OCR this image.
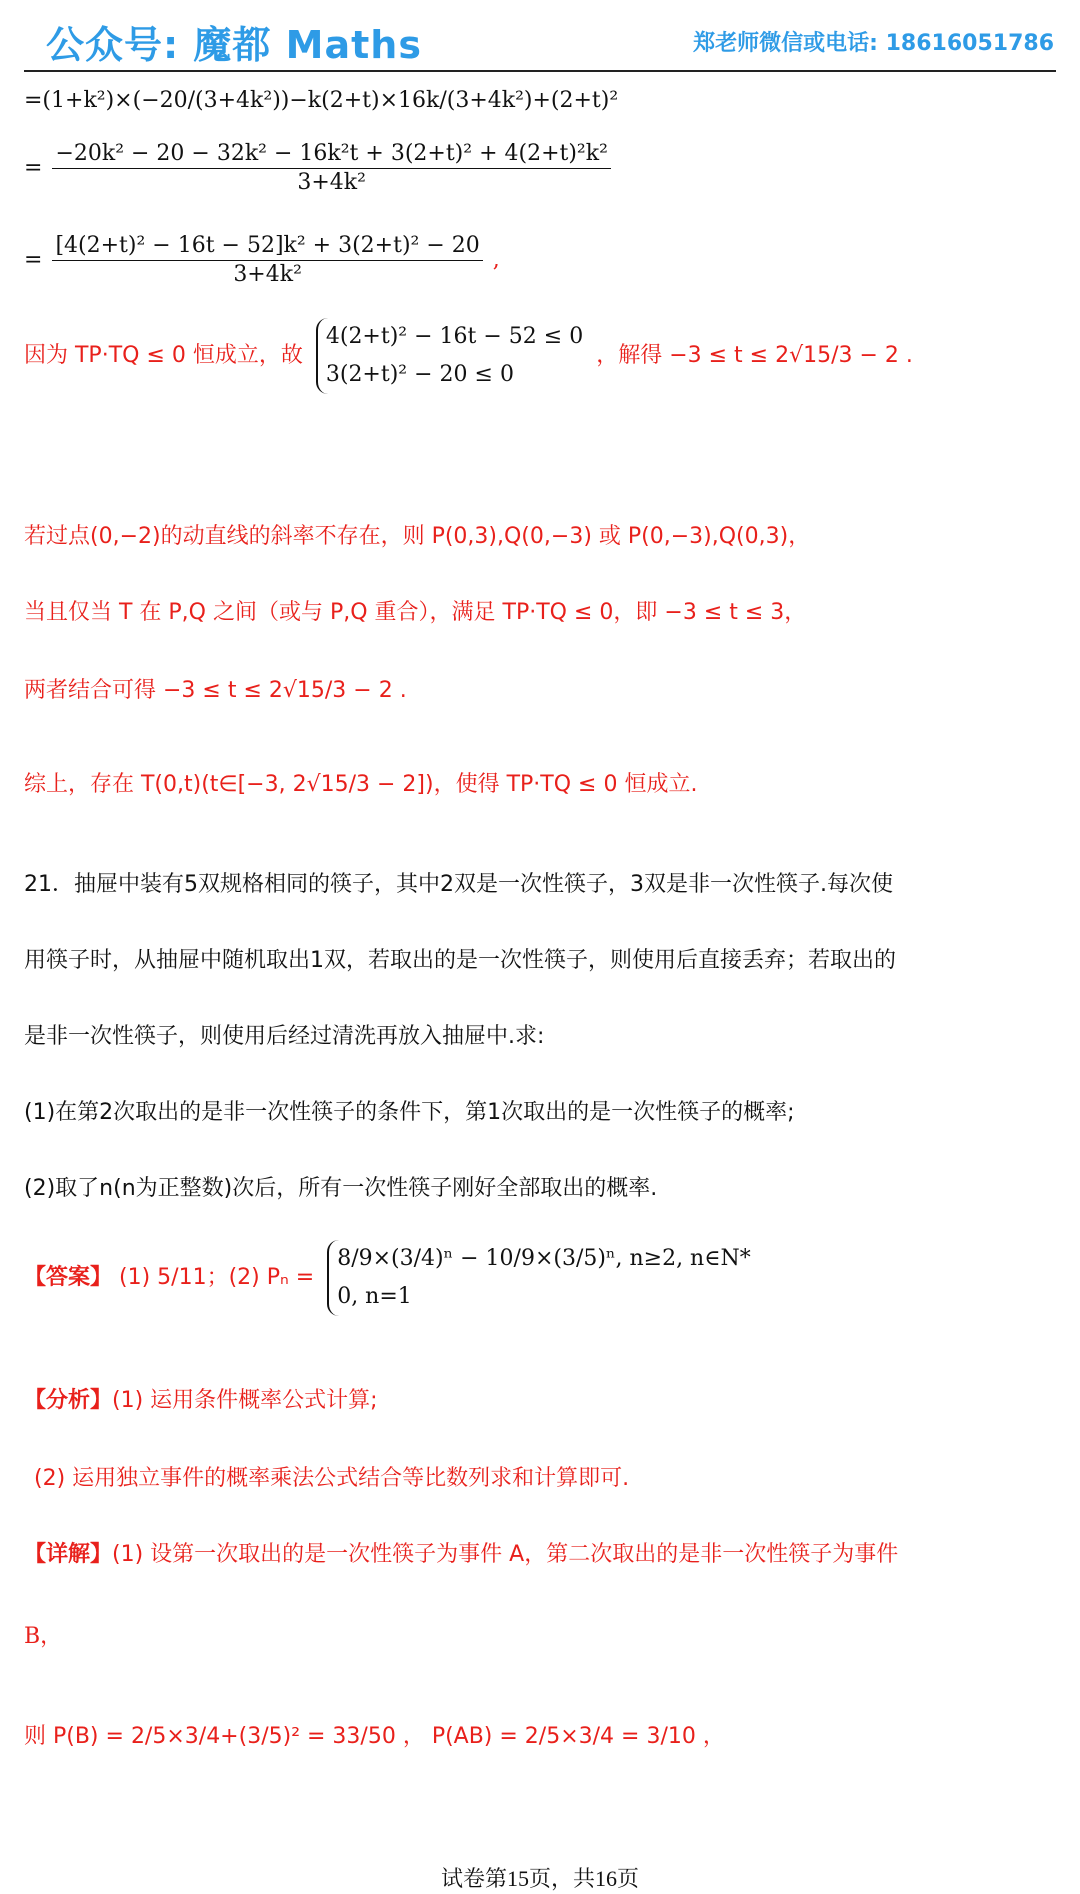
公众号: 魔都 Maths	郑老师微信或电话: 18616051786
=(1+k²)×(−20/(3+4k²))−k(2+t)×16k/(3+4k²)+(2+t)²
= $\frac{\text{−20k² − 20 − 32k² − 16k²t + 3(2+t)² + 4(2+t)²k²}}{\text{3+4k²}}$
= $\frac{\text{[4(2+t)² − 16t − 52]k² + 3(2+t)² − 20}}{\text{3+4k²}}$ ,
因为 TP·TQ ≤ 0 恒成立，故
4(2+t)² − 16t − 52 ≤ 0
3(2+t)² − 20 ≤ 0
，解得 −3 ≤ t ≤ 2√15/3 − 2 .
若过点(0,−2)的动直线的斜率不存在，则 P(0,3),Q(0,−3) 或 P(0,−3),Q(0,3)，
当且仅当 T 在 P,Q 之间（或与 P,Q 重合），满足 TP·TQ ≤ 0，即 −3 ≤ t ≤ 3，
两者结合可得 −3 ≤ t ≤ 2√15/3 − 2 .
综上，存在 T(0,t)(t∈[−3, 2√15/3 − 2])，使得 TP·TQ ≤ 0 恒成立.
21．抽屉中装有5双规格相同的筷子，其中2双是一次性筷子，3双是非一次性筷子.每次使
用筷子时，从抽屉中随机取出1双，若取出的是一次性筷子，则使用后直接丢弃；若取出的
是非一次性筷子，则使用后经过清洗再放入抽屉中.求:
(1)在第2次取出的是非一次性筷子的条件下，第1次取出的是一次性筷子的概率;
(2)取了n(n为正整数)次后，所有一次性筷子刚好全部取出的概率.
【答案】 (1) 5/11；(2) Pₙ =
8/9×(3/4)ⁿ − 10/9×(3/5)ⁿ, n≥2, n∈N*
0, n=1
【分析】(1) 运用条件概率公式计算;
(2) 运用独立事件的概率乘法公式结合等比数列求和计算即可.
【详解】(1) 设第一次取出的是一次性筷子为事件 A，第二次取出的是非一次性筷子为事件
B，
则 P(B) = 2/5×3/4+(3/5)² = 33/50 ， P(AB) = 2/5×3/4 = 3/10 ，
试卷第15页，共16页
